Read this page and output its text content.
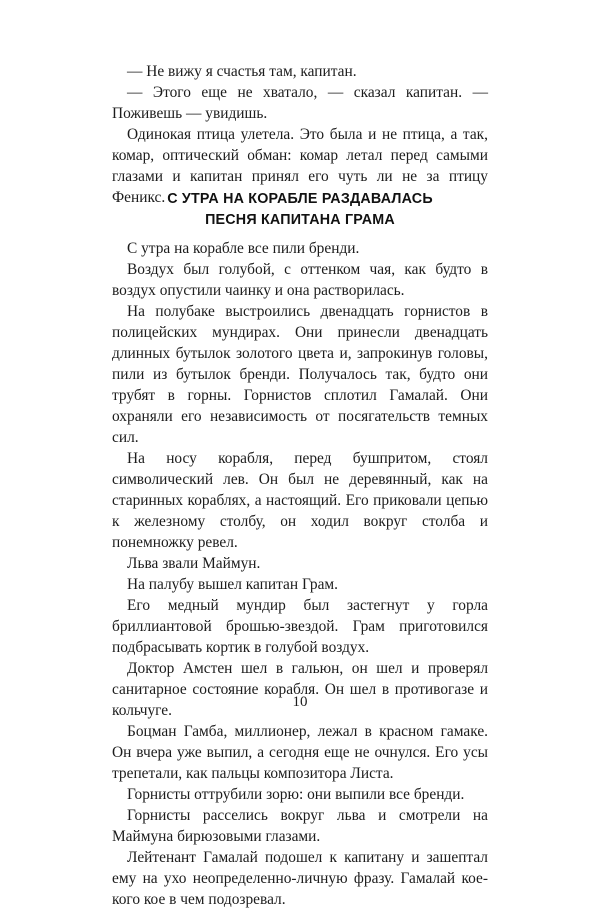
— Не вижу я счастья там, капитан.

— Этого еще не хватало, — сказал капитан. — Поживешь — увидишь.

Одинокая птица улетела. Это была и не птица, а так, комар, оптический обман: комар летал перед самыми глазами и капитан принял его чуть ли не за птицу Феникс. С УТРА НА КОРАБЛЕ РАЗДАВАЛАСЬ
ПЕСНЯ КАПИТАНА ГРАМА

С утра на корабле все пили бренди.

Воздух был голубой, с оттенком чая, как будто в воздух опустили чаинку и она растворилась.

На полубаке выстроились двенадцать горнистов в полицейских мундирах. Они принесли двенадцать длинных бутылок золотого цвета и, запрокинув головы, пили из бутылок бренди. Получалось так, будто они трубят в горны. Горнистов сплотил Гамалай. Они охраняли его независимость от посягательств темных сил.

На носу корабля, перед бушпритом, стоял символический лев. Он был не деревянный, как на старинных кораблях, а настоящий. Его приковали цепью к железному столбу, он ходил вокруг столба и понемножку ревел.

Льва звали Маймун.

На палубу вышел капитан Грам.

Его медный мундир был застегнут у горла бриллиантовой брошью-звездой. Грам приготовился подбрасывать кортик в голубой воздух.

Доктор Амстен шел в гальюн, он шел и проверял санитарное состояние корабля. Он шел в противогазе и кольчуге.

Боцман Гамба, миллионер, лежал в красном гамаке. Он вчера уже выпил, а сегодня еще не очнулся. Его усы трепетали, как пальцы композитора Листа.

Горнисты оттрубили зорю: они выпили все бренди.

Горнисты расселись вокруг льва и смотрели на Маймуна бирюзовыми глазами.

Лейтенант Гамалай подошел к капитану и зашептал ему на ухо неопределенно-личную фразу. Гамалай кое-кого кое в чем подозревал.

10
